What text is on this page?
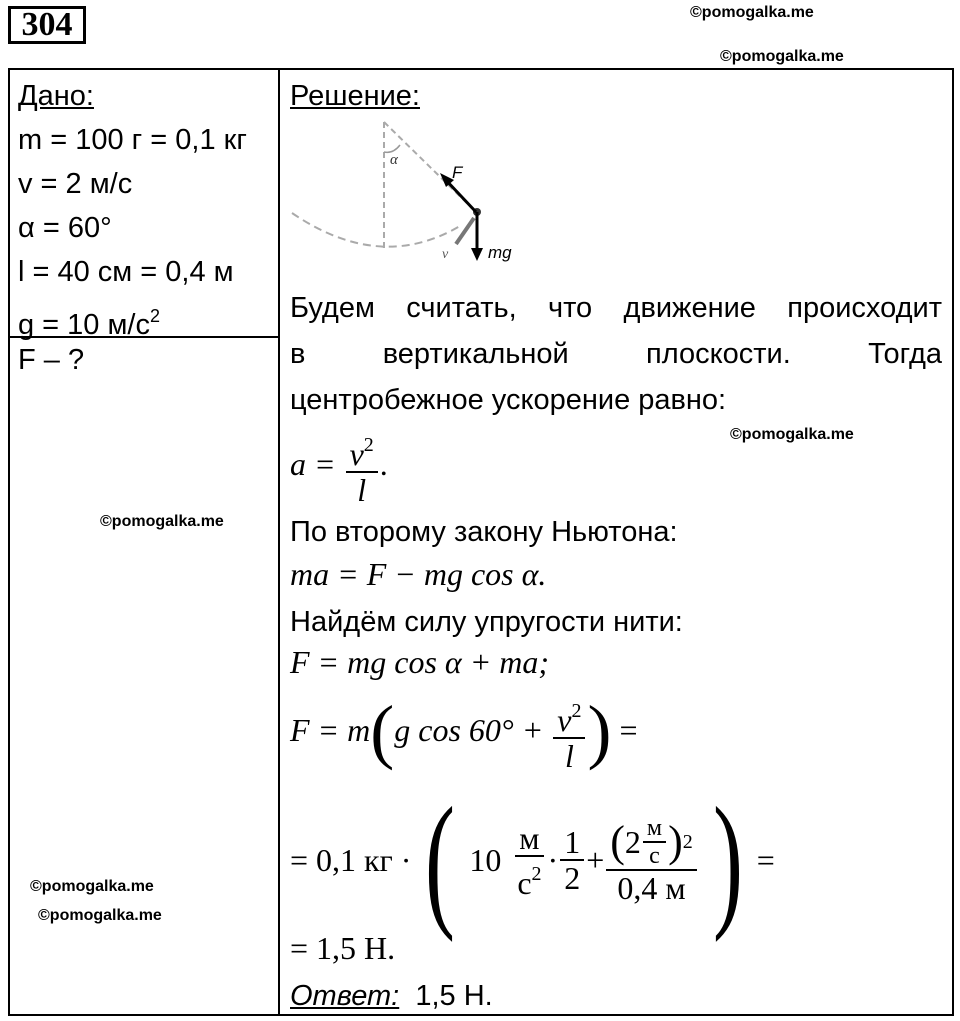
304	©pomogalka.me
©pomogalka.me
©pomogalka.me
©pomogalka.me
©pomogalka.me
©pomogalka.me
Дано:
m = 100 г = 0,1 кг
v = 2 м/с
α = 60°
l = 40 см = 0,4 м
g = 10 $м/с^2$
F – ?
Решение:
α
F
v⃗ mg
Будем считать, что движение происходит
в вертикальной плоскости. Тогда
центробежное ускорение равно:
$a = \frac{v^2}{l}$ .
По второму закону Ньютона:
ma = F − mg cos α.
Найдём силу упругости нити:
F = mg cos α + ma;
F = m(g $\cos 60^\circ + \frac{v^2}{l}$ ) =
= 0,1 кг · ( $10 \frac{м}{с^2} \cdot \frac{1}{2} + \frac{( 2 \frac{м}{с} ) 2}{0,4 м}$ ) =
= 1,5 Н.
Ответ: 1,5 Н.
